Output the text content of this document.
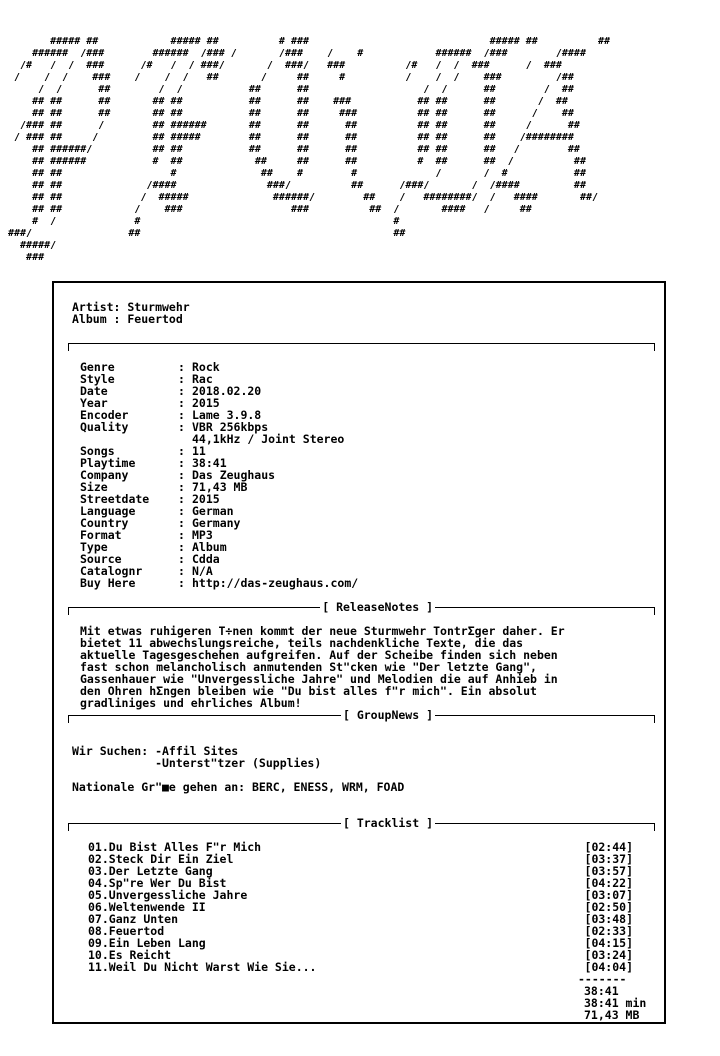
##### ##            ##### ##          # ###                              ##### ##          ##
######  /###        ######  /### /       /###    /    #            ######  /###        /####
/#   /  /  ###      /#   /  / ###/       /  ###/   ###          /#   /  /  ###      /  ###
/    /  /    ###    /    /  /   ##       /     ##     #          /    /  /    ###         /##
/  /      ##        /  /           ##      ##                   /  /      ##        /  ##
## ##      ##       ## ##           ##      ##    ###           ## ##      ##       /  ##
## ##      ##       ## ##           ##      ##     ###          ## ##      ##      /    ##
/### ##      /        ## ######       ##      ##      ##          ## ##      ##     /      ##
/ ### ##     /         ## #####        ##      ##      ##          ## ##      ##    /########
## ######/          ## ##           ##      ##      ##          ## ##      ##   /        ##
## ######           #  ##            ##     ##      ##          #  ##      ##  /          ##
## ##                  #              ##    #        #             /       /  #           ##
## ##              /####               ###/          ##      /###/       /  /####         ##
## ##             /  #####              ######/        ##    /   ########/  /   ####       ##/
## ##            /    ###                  ###          ##  /       ####   /     ##
#  /             #                                          #
###/                ##                                          ##
#####/
###
Artist: Sturmwehr
Album : Feuertod
Genre	: Rock
Style	: Rac
Date	: 2018.02.20
Year	: 2015
Encoder	: Lame 3.9.8
Quality	: VBR 256kbps

44,1kHz / Joint Stereo
Songs	: 11
Playtime	: 38:41
Company	: Das Zeughaus
Size	: 71,43 MB
Streetdate	: 2015
Language	: German
Country	: Germany
Format	: MP3
Type	: Album
Source	: Cdda
Catalognr	: N/A
Buy Here	: http://das-zeughaus.com/
[ ReleaseNotes ]
Mit etwas ruhigeren T÷nen kommt der neue Sturmwehr TontrΣger daher. Er
bietet 11 abwechslungsreiche, teils nachdenkliche Texte, die das
aktuelle Tagesgeschehen aufgreifen. Auf der Scheibe finden sich neben
fast schon melancholisch anmutenden St"cken wie "Der letzte Gang",
Gassenhauer wie "Unvergessliche Jahre" und Melodien die auf Anhieb in
den Ohren hΣngen bleiben wie "Du bist alles f"r mich". Ein absolut
gradliniges und ehrliches Album!
[ GroupNews ]
Wir Suchen: -Affil Sites
-Unterst"tzer (Supplies)
Nationale Gr"■e gehen an: BERC, ENESS, WRM, FOAD
[ Tracklist ]
01.Du Bist Alles F"r Mich	[02:44]
02.Steck Dir Ein Ziel	[03:37]
03.Der Letzte Gang	[03:57]
04.Sp"re Wer Du Bist	[04:22]
05.Unvergessliche Jahre	[03:07]
06.Weltenwende II	[02:50]
07.Ganz Unten	[03:48]
08.Feuertod	[02:33]
09.Ein Leben Lang	[04:15]
10.Es Reicht	[03:24]
11.Weil Du Nicht Warst Wie Sie...	[04:04]
-------
38:41
38:41 min
71,43 MB
